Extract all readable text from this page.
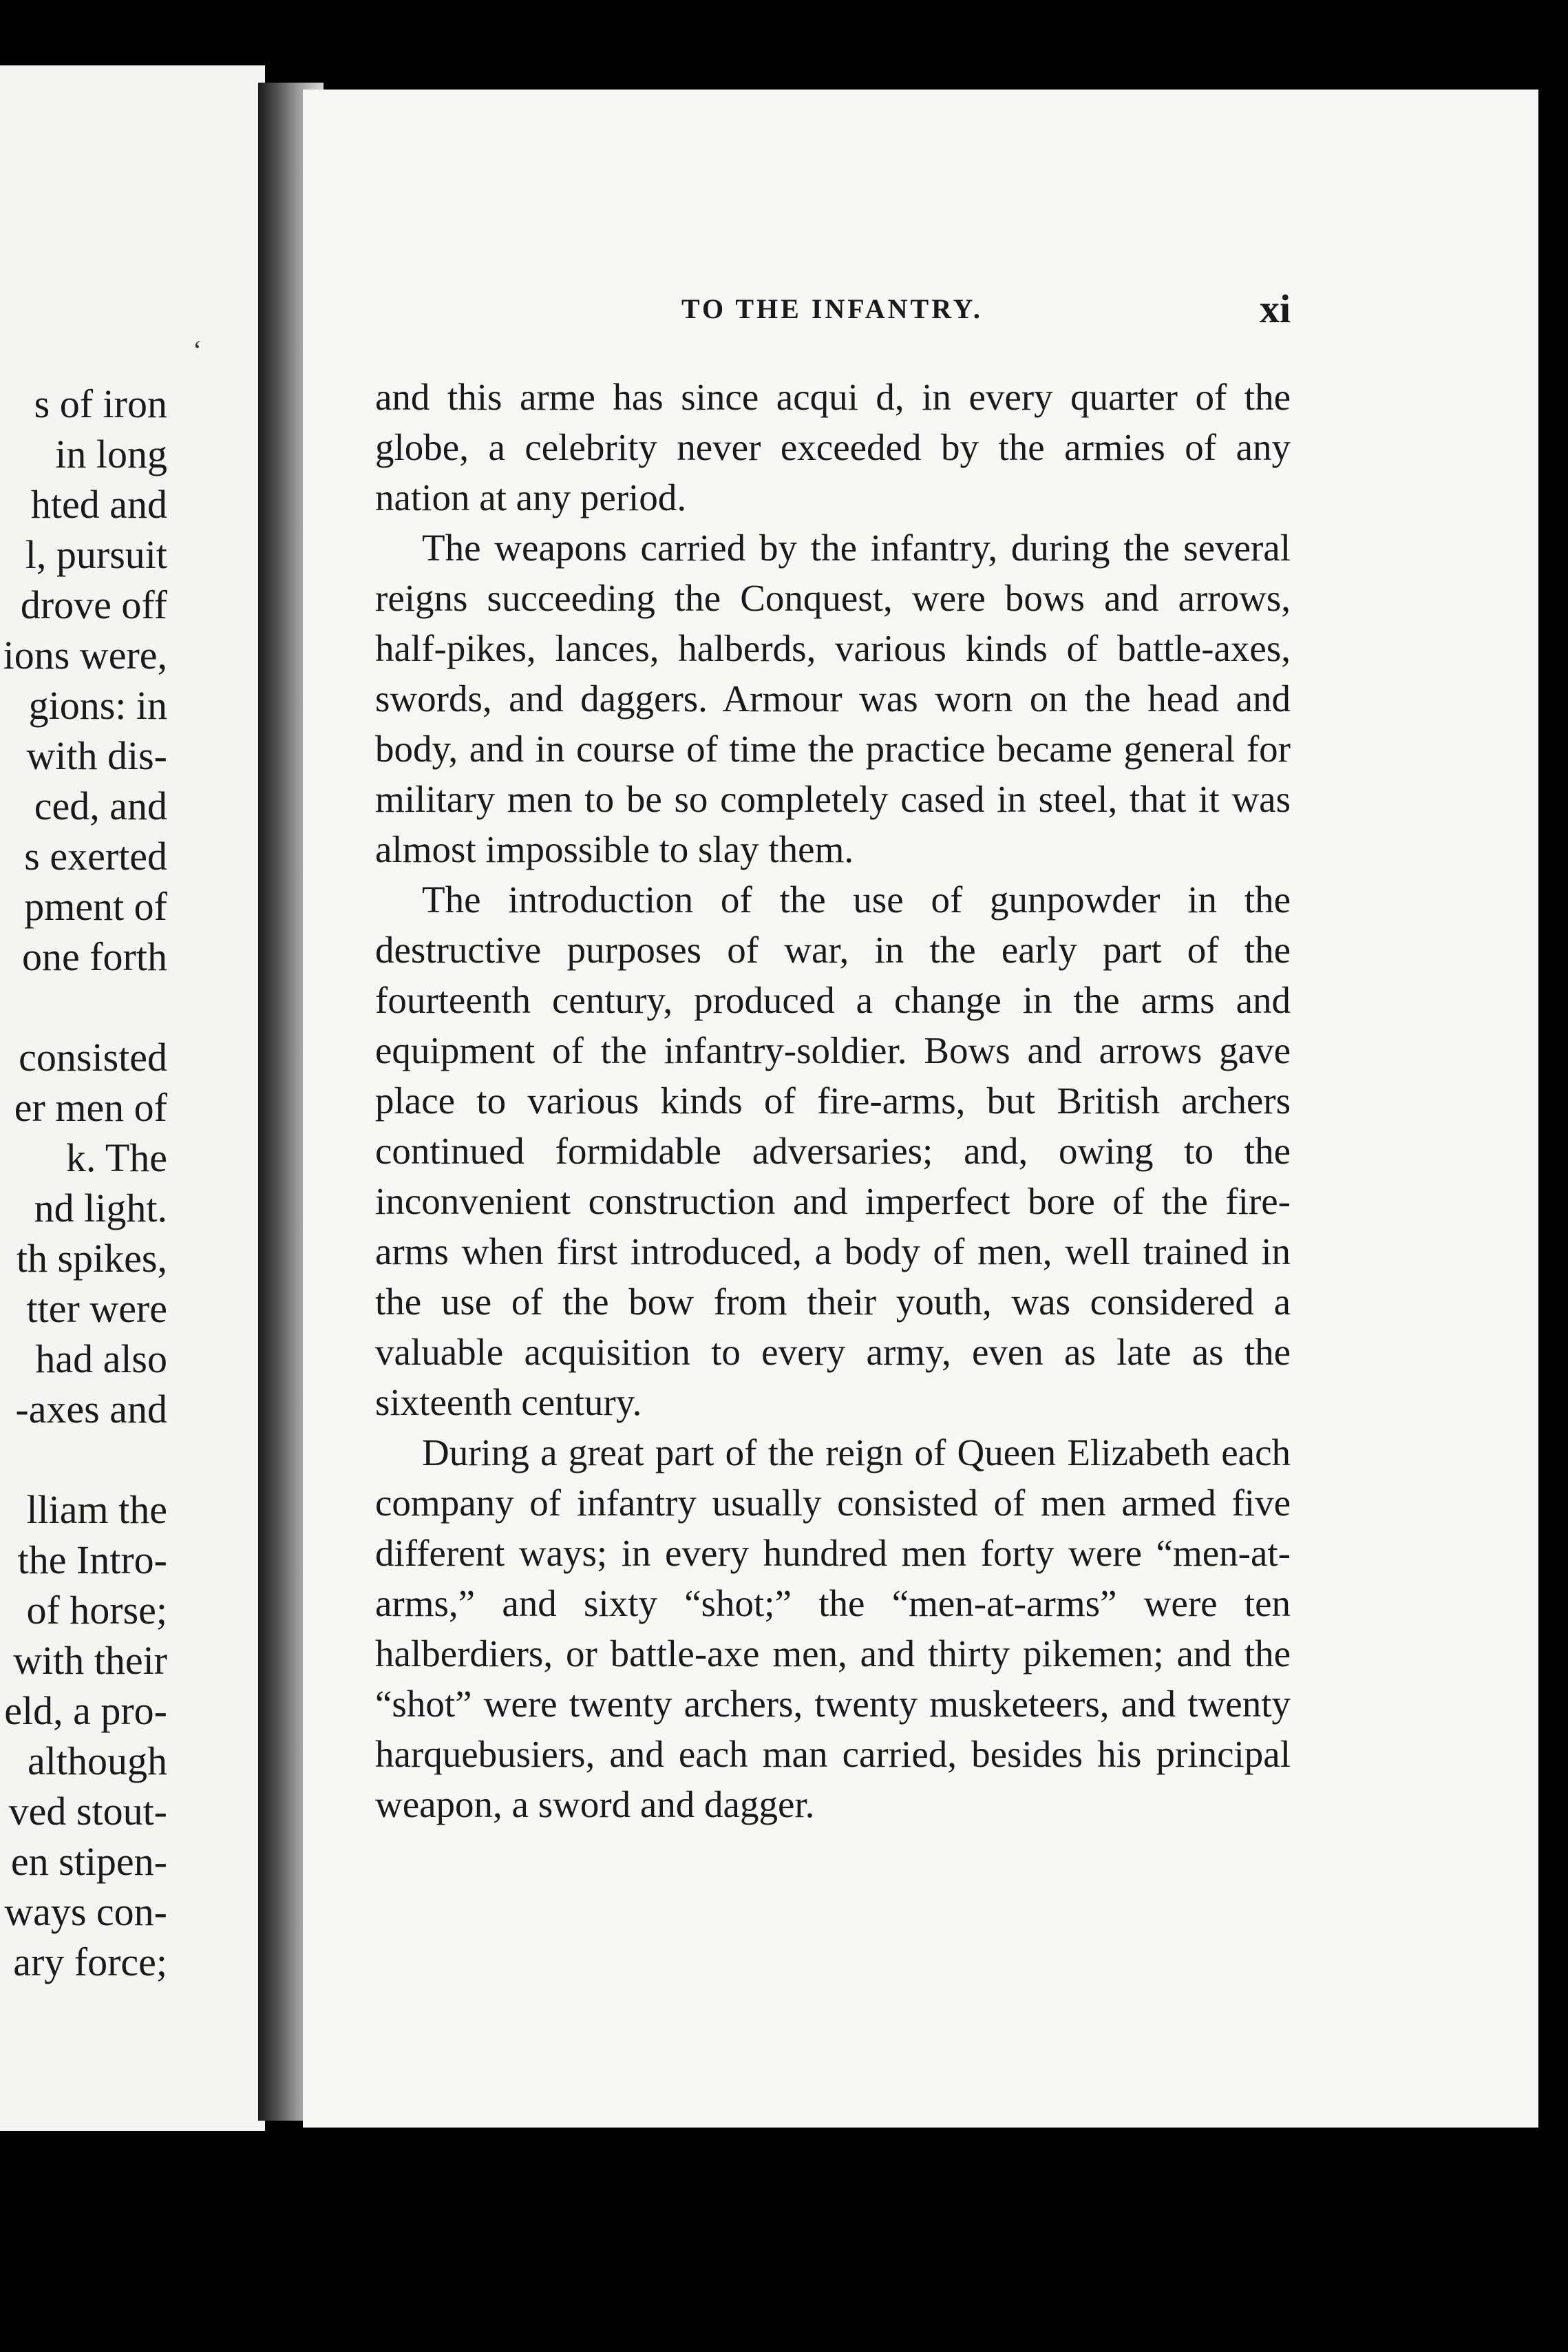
‘
s of iron
in long
hted and
l, pursuit
drove off
ions were,
gions: in
with dis-
ced, and
s exerted
pment of
one forth
consisted
er men of
k. The
nd light.
th spikes,
tter were
had also
-axes and
lliam the
the Intro-
of horse;
with their
eld, a pro-
although
ved stout-
en stipen-
ways con-
ary force;
TO THE INFANTRY.	xi

and this arme has since acqui d, in every quarter of the globe, a celebrity never exceeded by the armies of any nation at any period.

The weapons carried by the infantry, during the several reigns succeeding the Conquest, were bows and arrows, half-pikes, lances, halberds, various kinds of battle-axes, swords, and daggers. Armour was worn on the head and body, and in course of time the practice became general for military men to be so completely cased in steel, that it was almost impossible to slay them.

The introduction of the use of gunpowder in the destructive purposes of war, in the early part of the fourteenth century, produced a change in the arms and equipment of the infantry-soldier. Bows and arrows gave place to various kinds of fire-arms, but British archers continued formidable adversaries; and, owing to the inconvenient construction and imperfect bore of the fire-arms when first introduced, a body of men, well trained in the use of the bow from their youth, was considered a valuable acquisition to every army, even as late as the sixteenth century.

During a great part of the reign of Queen Elizabeth each company of infantry usually consisted of men armed five different ways; in every hundred men forty were “men-at-arms,” and sixty “shot;” the “men-at-arms” were ten halberdiers, or battle-axe men, and thirty pikemen; and the “shot” were twenty archers, twenty musketeers, and twenty harquebusiers, and each man carried, besides his principal weapon, a sword and dagger.
